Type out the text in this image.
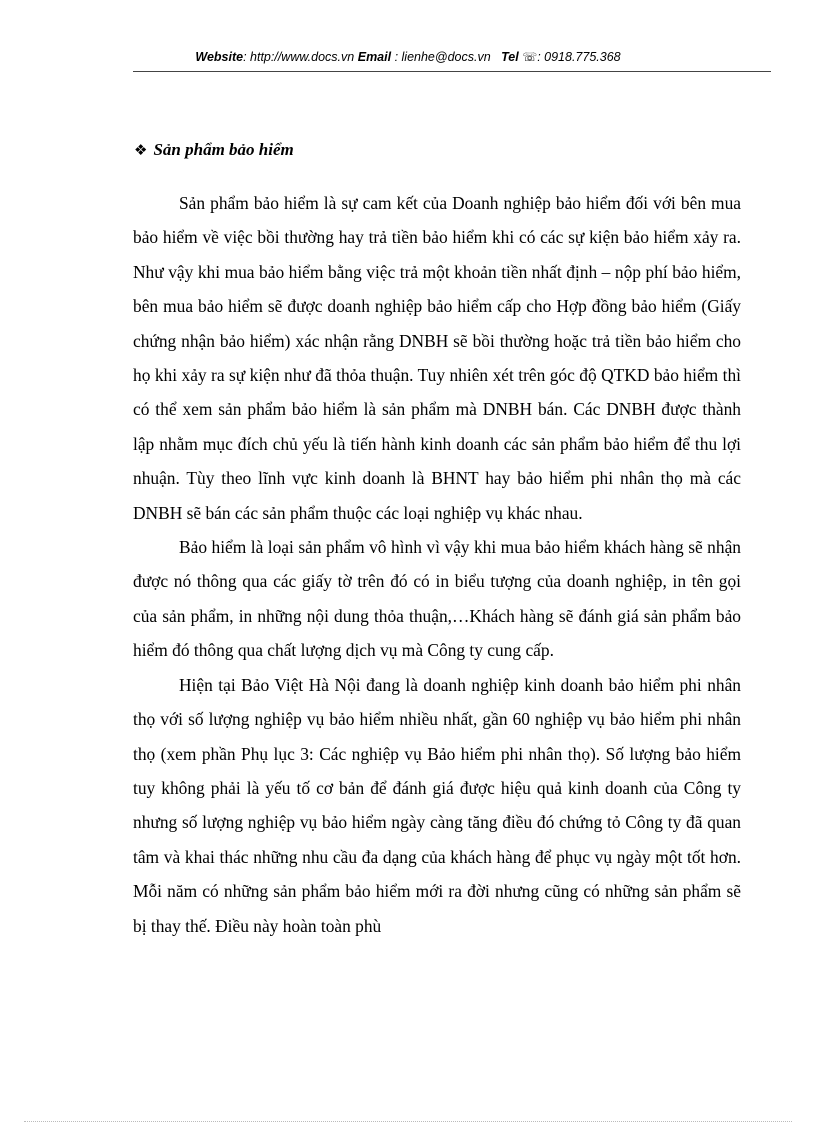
Website: http://www.docs.vn Email : lienhe@docs.vn Tel ☏: 0918.775.368
❖ Sản phẩm bảo hiểm

Sản phẩm bảo hiểm là sự cam kết của Doanh nghiệp bảo hiểm đối với bên mua bảo hiểm về việc bồi thường hay trả tiền bảo hiểm khi có các sự kiện bảo hiểm xảy ra. Như vậy khi mua bảo hiểm bằng việc trả một khoản tiền nhất định – nộp phí bảo hiểm, bên mua bảo hiểm sẽ được doanh nghiệp bảo hiểm cấp cho Hợp đồng bảo hiểm (Giấy chứng nhận bảo hiểm) xác nhận rằng DNBH sẽ bồi thường hoặc trả tiền bảo hiểm cho họ khi xảy ra sự kiện như đã thỏa thuận. Tuy nhiên xét trên góc độ QTKD bảo hiểm thì có thể xem sản phẩm bảo hiểm là sản phẩm mà DNBH bán. Các DNBH được thành lập nhằm mục đích chủ yếu là tiến hành kinh doanh các sản phẩm bảo hiểm để thu lợi nhuận. Tùy theo lĩnh vực kinh doanh là BHNT hay bảo hiểm phi nhân thọ mà các DNBH sẽ bán các sản phẩm thuộc các loại nghiệp vụ khác nhau.

Bảo hiểm là loại sản phẩm vô hình vì vậy khi mua bảo hiểm khách hàng sẽ nhận được nó thông qua các giấy tờ trên đó có in biểu tượng của doanh nghiệp, in tên gọi của sản phẩm, in những nội dung thỏa thuận,…Khách hàng sẽ đánh giá sản phẩm bảo hiểm đó thông qua chất lượng dịch vụ mà Công ty cung cấp.

Hiện tại Bảo Việt Hà Nội đang là doanh nghiệp kinh doanh bảo hiểm phi nhân thọ với số lượng nghiệp vụ bảo hiểm nhiều nhất, gần 60 nghiệp vụ bảo hiểm phi nhân thọ (xem phần Phụ lục 3: Các nghiệp vụ Bảo hiểm phi nhân thọ). Số lượng bảo hiểm tuy không phải là yếu tố cơ bản để đánh giá được hiệu quả kinh doanh của Công ty nhưng số lượng nghiệp vụ bảo hiểm ngày càng tăng điều đó chứng tỏ Công ty đã quan tâm và khai thác những nhu cầu đa dạng của khách hàng để phục vụ ngày một tốt hơn. Mỗi năm có những sản phẩm bảo hiểm mới ra đời nhưng cũng có những sản phẩm sẽ bị thay thế. Điều này hoàn toàn phù
